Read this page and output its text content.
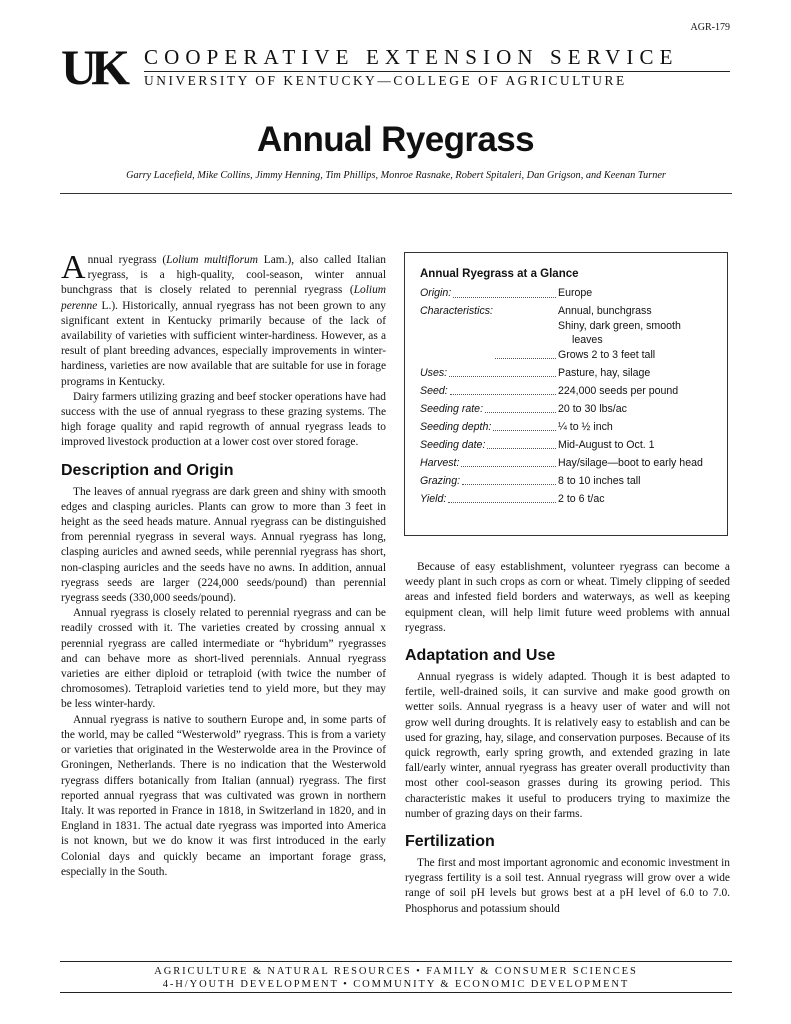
AGR-179
UK COOPERATIVE EXTENSION SERVICE
UNIVERSITY OF KENTUCKY—COLLEGE OF AGRICULTURE
Annual Ryegrass
Garry Lacefield, Mike Collins, Jimmy Henning, Tim Phillips, Monroe Rasnake, Robert Spitaleri, Dan Grigson, and Keenan Turner

Annual ryegrass (Lolium multiflorum Lam.), also called Italian ryegrass, is a high-quality, cool-season, winter annual bunchgrass that is closely related to perennial ryegrass (Lolium perenne L.). Historically, annual ryegrass has not been grown to any significant extent in Kentucky primarily because of the lack of availability of varieties with sufficient winter-hardiness. However, as a result of plant breeding advances, especially improvements in winter-hardiness, varieties are now available that are suitable for use in forage programs in Kentucky.

Dairy farmers utilizing grazing and beef stocker operations have had success with the use of annual ryegrass to these grazing systems. The high forage quality and rapid regrowth of annual ryegrass leads to improved livestock production at a lower cost over stored forage.

Description and Origin

The leaves of annual ryegrass are dark green and shiny with smooth edges and clasping auricles. Plants can grow to more than 3 feet in height as the seed heads mature. Annual ryegrass can be distinguished from perennial ryegrass in several ways. Annual ryegrass has long, clasping auricles and awned seeds, while perennial ryegrass has short, non-clasping auricles and the seeds have no awns. In addition, annual ryegrass seeds are larger (224,000 seeds/pound) than perennial ryegrass seeds (330,000 seeds/pound).

Annual ryegrass is closely related to perennial ryegrass and can be readily crossed with it. The varieties created by crossing annual x perennial ryegrass are called intermediate or “hybridum” ryegrasses and can behave more as short-lived perennials. Annual ryegrass varieties are either diploid or tetraploid (with twice the number of chromosomes). Tetraploid varieties tend to yield more, but they may be less winter-hardy.

Annual ryegrass is native to southern Europe and, in some parts of the world, may be called “Westerwold” ryegrass. This is from a variety or varieties that originated in the Westerwolde area in the Province of Groningen, Netherlands. There is no indication that the Westerwold ryegrass differs botanically from Italian (annual) ryegrass. The first reported annual ryegrass that was cultivated was grown in northern Italy. It was reported in France in 1818, in Switzerland in 1820, and in England in 1831. The actual date ryegrass was imported into America is not known, but we do know it was first introduced in the early Colonial days and quickly became an important forage grass, especially in the South.

Annual Ryegrass at a Glance
Origin:	Europe
Characteristics:	Annual, bunchgrass
Shiny, dark green, smooth
leaves
Grows 2 to 3 feet tall
Uses:	Pasture, hay, silage
Seed:	224,000 seeds per pound
Seeding rate:	20 to 30 lbs/ac
Seeding depth:	¼ to ½ inch
Seeding date:	Mid-August to Oct. 1
Harvest:	Hay/silage—boot to early head
Grazing:	8 to 10 inches tall
Yield:	2 to 6 t/ac

Because of easy establishment, volunteer ryegrass can become a weedy plant in such crops as corn or wheat. Timely clipping of seeded areas and infested field borders and waterways, as well as keeping equipment clean, will help limit future weed problems with annual ryegrass.

Adaptation and Use

Annual ryegrass is widely adapted. Though it is best adapted to fertile, well-drained soils, it can survive and make good growth on wetter soils. Annual ryegrass is a heavy user of water and will not grow well during droughts. It is relatively easy to establish and can be used for grazing, hay, silage, and conservation purposes. Because of its quick regrowth, early spring growth, and extended grazing in late fall/early winter, annual ryegrass has greater overall productivity than most other cool-season grasses during its growing period. This characteristic makes it useful to producers trying to maximize the number of grazing days on their farms.

Fertilization

The first and most important agronomic and economic investment in ryegrass fertility is a soil test. Annual ryegrass will grow over a wide range of soil pH levels but grows best at a pH level of 6.0 to 7.0. Phosphorus and potassium should

AGRICULTURE & NATURAL RESOURCES • FAMILY & CONSUMER SCIENCES
4-H/YOUTH DEVELOPMENT • COMMUNITY & ECONOMIC DEVELOPMENT
